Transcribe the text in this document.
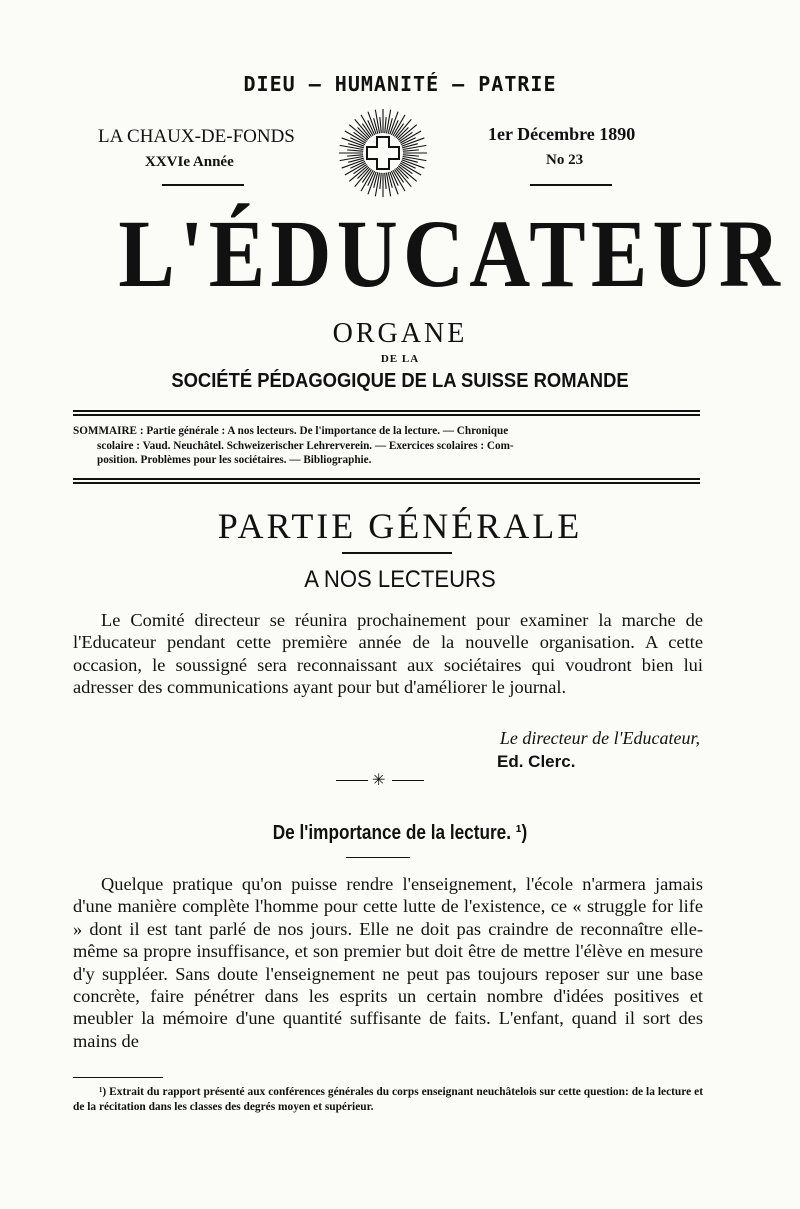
DIEU — HUMANITÉ — PATRIE
LA CHAUX-DE-FONDS
XXVIe Année
1er Décembre 1890
No 23
L'ÉDUCATEUR
ORGANE
DE LA
SOCIÉTÉ PÉDAGOGIQUE DE LA SUISSE ROMANDE

SOMMAIRE : Partie générale : A nos lecteurs. De l'importance de la lecture. — Chronique

scolaire : Vaud. Neuchâtel. Schweizerischer Lehrerverein. — Exercices scolaires : Com-

position. Problèmes pour les sociétaires. — Bibliographie.

PARTIE GÉNÉRALE
A NOS LECTEURS

Le Comité directeur se réunira prochainement pour examiner la marche de l'Educateur pendant cette première année de la nouvelle organisation. A cette occasion, le soussigné sera reconnaissant aux sociétaires qui voudront bien lui adresser des communications ayant pour but d'améliorer le journal.

Le directeur de l'Educateur,
Ed. Clerc.
✳
De l'importance de la lecture. ¹)

Quelque pratique qu'on puisse rendre l'enseignement, l'école n'armera jamais d'une manière complète l'homme pour cette lutte de l'existence, ce « struggle for life » dont il est tant parlé de nos jours. Elle ne doit pas craindre de reconnaître elle-même sa propre insuffisance, et son premier but doit être de mettre l'élève en mesure d'y suppléer. Sans doute l'enseignement ne peut pas toujours reposer sur une base concrète, faire pénétrer dans les esprits un certain nombre d'idées positives et meubler la mémoire d'une quantité suffisante de faits. L'enfant, quand il sort des mains de

¹) Extrait du rapport présenté aux conférences générales du corps enseignant neuchâtelois sur cette question: de la lecture et de la récitation dans les classes des degrés moyen et supérieur.
